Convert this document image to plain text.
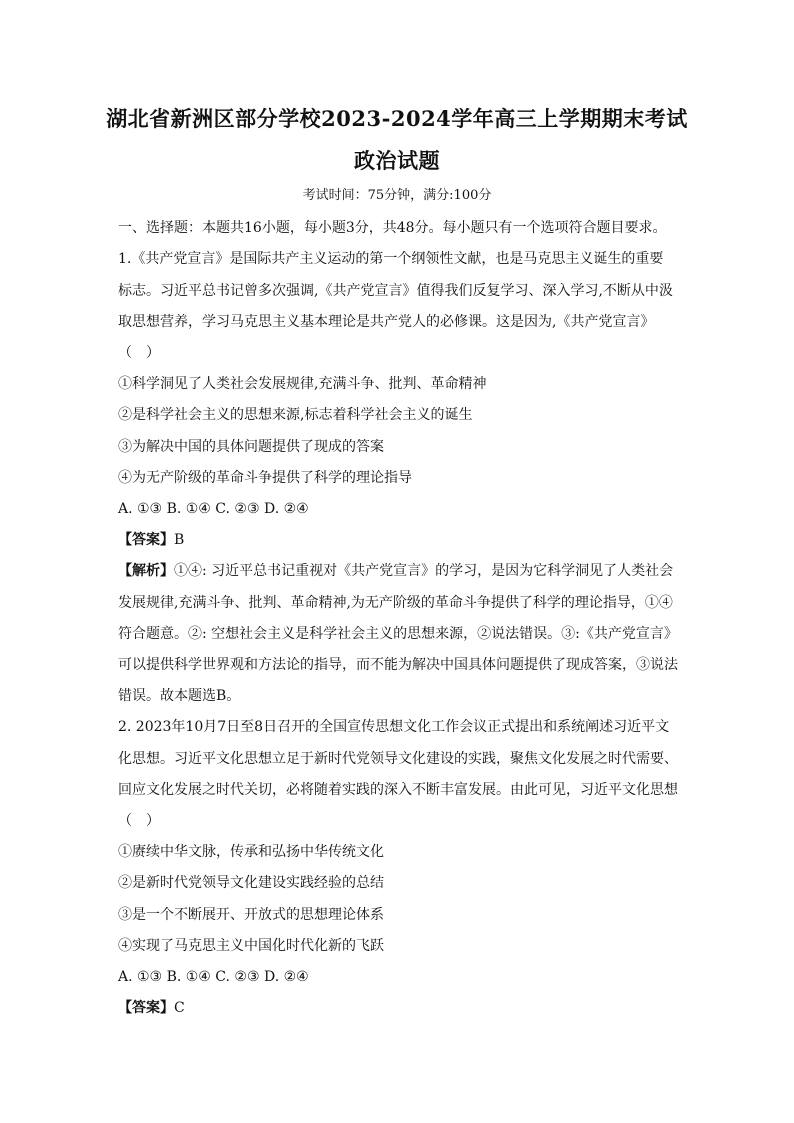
湖北省新洲区部分学校2023-2024学年高三上学期期末考试
政治试题
考试时间：75分钟，满分:100分
一、选择题：本题共16小题，每小题3分，共48分。每小题只有一个选项符合题目要求。
1.《共产党宣言》是国际共产主义运动的第一个纲领性文献，也是马克思主义诞生的重要
标志。习近平总书记曾多次强调,《共产党宣言》值得我们反复学习、深入学习,不断从中汲
取思想营养，学习马克思主义基本理论是共产党人的必修课。这是因为,《共产党宣言》
（　）
①科学洞见了人类社会发展规律,充满斗争、批判、革命精神
②是科学社会主义的思想来源,标志着科学社会主义的诞生
③为解决中国的具体问题提供了现成的答案
④为无产阶级的革命斗争提供了科学的理论指导
A. ①③ B. ①④ C. ②③ D. ②④
【答案】B
【解析】①④: 习近平总书记重视对《共产党宣言》的学习，是因为它科学洞见了人类社会
发展规律,充满斗争、批判、革命精神,为无产阶级的革命斗争提供了科学的理论指导，①④
符合题意。②: 空想社会主义是科学社会主义的思想来源，②说法错误。③:《共产党宣言》
可以提供科学世界观和方法论的指导，而不能为解决中国具体问题提供了现成答案，③说法
错误。故本题选B。
2. 2023年10月7日至8日召开的全国宣传思想文化工作会议正式提出和系统阐述习近平文
化思想。习近平文化思想立足于新时代党领导文化建设的实践，聚焦文化发展之时代需要、
回应文化发展之时代关切，必将随着实践的深入不断丰富发展。由此可见，习近平文化思想
（　）
①赓续中华文脉，传承和弘扬中华传统文化
②是新时代党领导文化建设实践经验的总结
③是一个不断展开、开放式的思想理论体系
④实现了马克思主义中国化时代化新的飞跃
A. ①③ B. ①④ C. ②③ D. ②④
【答案】C
